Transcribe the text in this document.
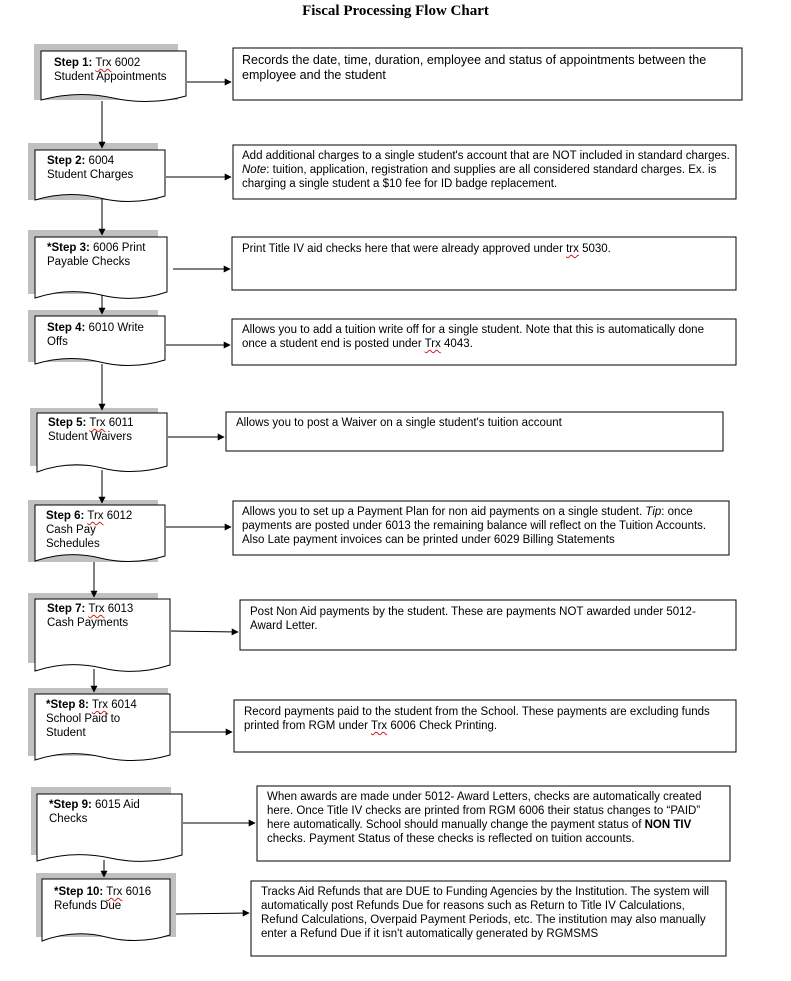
Fiscal Processing Flow Chart
Step 1: Trx 6002
Student Appointments
Step 2: 6004
Student Charges
*Step 3: 6006 Print
Payable Checks
Step 4: 6010 Write
Offs
Step 5: Trx 6011
Student Waivers
Step 6: Trx 6012
Cash Pay
Schedules
Step 7: Trx 6013
Cash Payments
*Step 8: Trx 6014
School Paid to
Student
*Step 9: 6015 Aid
Checks
*Step 10: Trx 6016
Refunds Due
Records the date, time, duration, employee and status of appointments between the employee and the student
Add additional charges to a single student's account that are NOT included in standard charges. Note: tuition, application, registration and supplies are all considered standard charges. Ex. is charging a single student a $10 fee for ID badge replacement.
Print Title IV aid checks here that were already approved under trx 5030.
Allows you to add a tuition write off for a single student. Note that this is automatically done once a student end is posted under Trx 4043.
Allows you to post a Waiver on a single student's tuition account
Allows you to set up a Payment Plan for non aid payments on a single student. Tip: once payments are posted under 6013 the remaining balance will reflect on the Tuition Accounts. Also Late payment invoices can be printed under 6029 Billing Statements
Post Non Aid payments by the student. These are payments NOT awarded under 5012-Award Letter.
Record payments paid to the student from the School. These payments are excluding funds printed from RGM under Trx 6006 Check Printing.
When awards are made under 5012- Award Letters, checks are automatically created here. Once Title IV checks are printed from RGM 6006 their status changes to “PAID” here automatically. School should manually change the payment status of NON TIV checks. Payment Status of these checks is reflected on tuition accounts.
Tracks Aid Refunds that are DUE to Funding Agencies by the Institution. The system will automatically post Refunds Due for reasons such as Return to Title IV Calculations, Refund Calculations, Overpaid Payment Periods, etc. The institution may also manually enter a Refund Due if it isn't automatically generated by RGMSMS
